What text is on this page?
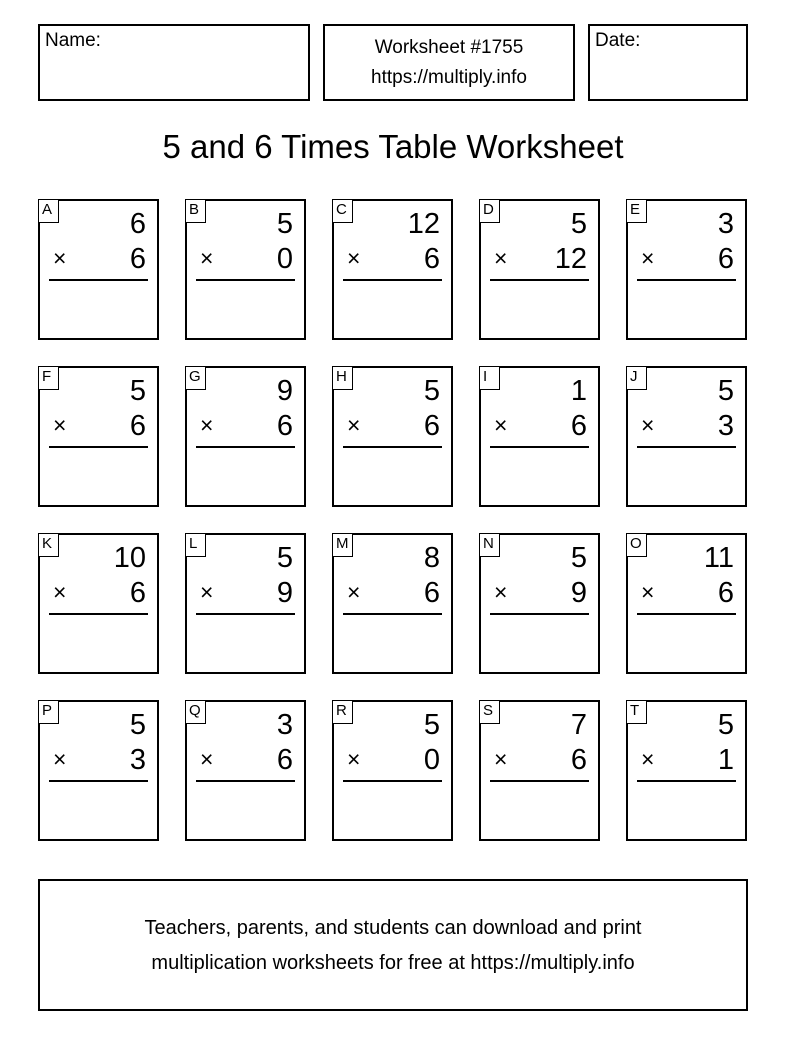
Name:	Worksheet #1755
https://multiply.info
Date:
5 and 6 Times Table Worksheet
A	6
× 6
B	5
× 0
C 12
× 6
D	5
× 12
E	3
× 6
F	5
× 6
G	9
× 6
H	5
× 6
I	1
× 6
J	5
× 3
K 10
× 6
L	5
× 9
M	8
× 6
N	5
× 9
O 11
× 6
P	5
× 3
Q	3
× 6
R	5
× 0
S	7
× 6
T	5
× 1
Teachers, parents, and students can download and print
multiplication worksheets for free at https://multiply.info
